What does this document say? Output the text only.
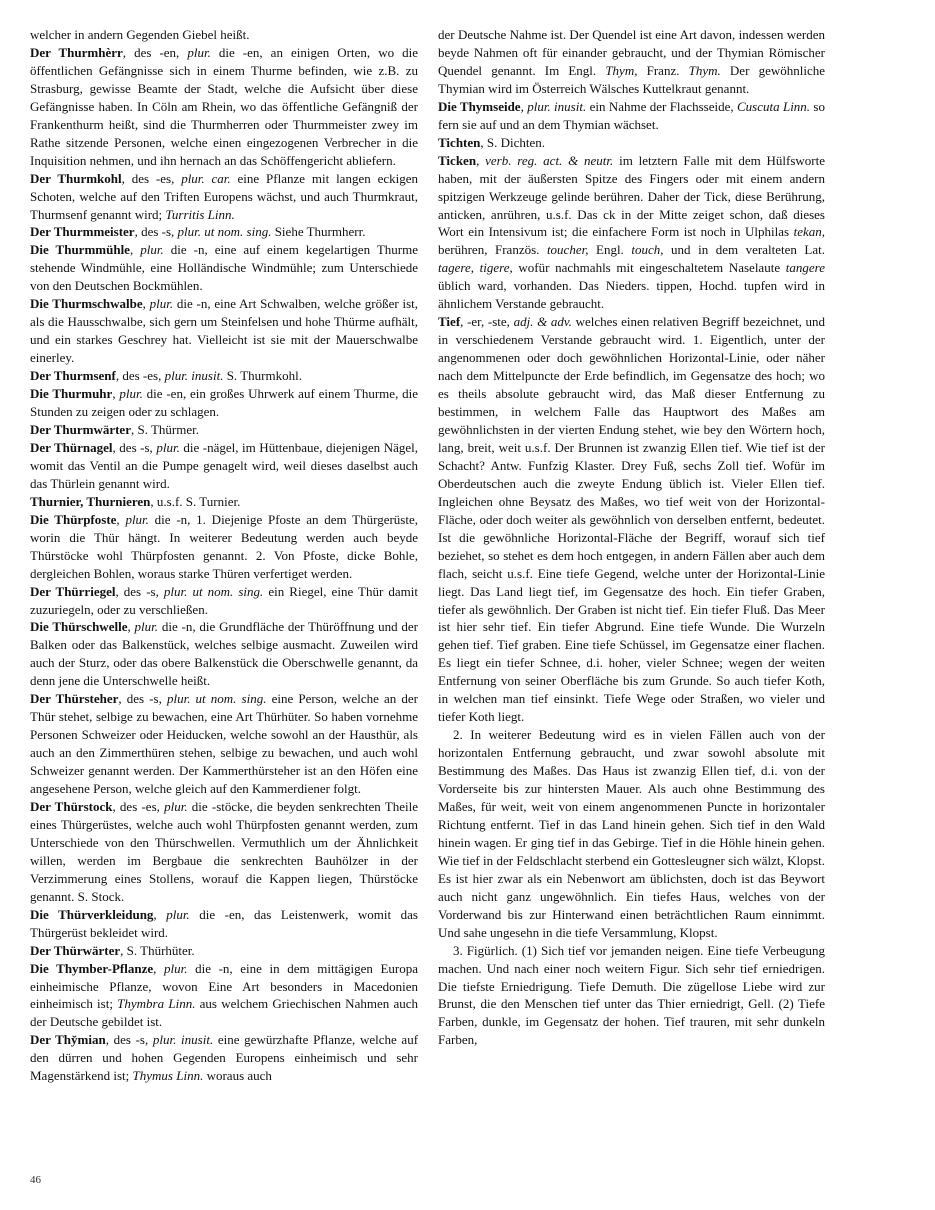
welcher in andern Gegenden Giebel heißt.

Der Thurmhèrr, des -en, plur. die -en, an einigen Orten, wo die öffentlichen Gefängnisse sich in einem Thurme befinden, wie z.B. zu Strasburg, gewisse Beamte der Stadt, welche die Aufsicht über diese Gefängnisse haben. In Cöln am Rhein, wo das öffentliche Gefängniß der Frankenthurm heißt, sind die Thurmherren oder Thurmmeister zwey im Rathe sitzende Personen, welche einen eingezogenen Verbrecher in die Inquisition nehmen, und ihn hernach an das Schöffengericht abliefern.

Der Thurmkohl, des -es, plur. car. eine Pflanze mit langen eckigen Schoten, welche auf den Triften Europens wächst, und auch Thurmkraut, Thurmsenf genannt wird; Turritis Linn.

Der Thurmmeister, des -s, plur. ut nom. sing. Siehe Thurmherr.

Die Thurmmühle, plur. die -n, eine auf einem kegelartigen Thurme stehende Windmühle, eine Holländische Windmühle; zum Unterschiede von den Deutschen Bockmühlen.

Die Thurmschwalbe, plur. die -n, eine Art Schwalben, welche größer ist, als die Hausschwalbe, sich gern um Steinfelsen und hohe Thürme aufhält, und ein starkes Geschrey hat. Vielleicht ist sie mit der Mauerschwalbe einerley.

Der Thurmsenf, des -es, plur. inusit. S. Thurmkohl.

Die Thurmuhr, plur. die -en, ein großes Uhrwerk auf einem Thurme, die Stunden zu zeigen oder zu schlagen.

Der Thurmwärter, S. Thürmer.

Der Thürnagel, des -s, plur. die -nägel, im Hüttenbaue, diejenigen Nägel, womit das Ventil an die Pumpe genagelt wird, weil dieses daselbst auch das Thürlein genannt wird.

Thurnier, Thurnieren, u.s.f. S. Turnier.

Die Thürpfoste, plur. die -n, 1. Diejenige Pfoste an dem Thürgerüste, worin die Thür hängt. In weiterer Bedeutung werden auch beyde Thürstöcke wohl Thürpfosten genannt. 2. Von Pfoste, dicke Bohle, dergleichen Bohlen, woraus starke Thüren verfertiget werden.

Der Thürriegel, des -s, plur. ut nom. sing. ein Riegel, eine Thür damit zuzuriegeln, oder zu verschließen.

Die Thürschwelle, plur. die -n, die Grundfläche der Thüröffnung und der Balken oder das Balkenstück, welches selbige ausmacht. Zuweilen wird auch der Sturz, oder das obere Balkenstück die Oberschwelle genannt, da denn jene die Unterschwelle heißt.

Der Thürsteher, des -s, plur. ut nom. sing. eine Person, welche an der Thür stehet, selbige zu bewachen, eine Art Thürhüter. So haben vornehme Personen Schweizer oder Heiducken, welche sowohl an der Hausthür, als auch an den Zimmerthüren stehen, selbige zu bewachen, und auch wohl Schweizer genannt werden. Der Kammerthürsteher ist an den Höfen eine angesehene Person, welche gleich auf den Kammerdiener folgt.

Der Thürstock, des -es, plur. die -stöcke, die beyden senkrechten Theile eines Thürgerüstes, welche auch wohl Thürpfosten genannt werden, zum Unterschiede von den Thürschwellen. Vermuthlich um der Ähnlichkeit willen, werden im Bergbaue die senkrechten Bauhölzer in der Verzimmerung eines Stollens, worauf die Kappen liegen, Thürstöcke genannt. S. Stock.

Die Thürverkleidung, plur. die -en, das Leistenwerk, womit das Thürgerüst bekleidet wird.

Der Thürwärter, S. Thürhüter.

Die Thymber-Pflanze, plur. die -n, eine in dem mittägigen Europa einheimische Pflanze, wovon Eine Art besonders in Macedonien einheimisch ist; Thymbra Linn. aus welchem Griechischen Nahmen auch der Deutsche gebildet ist.

Der Thy̆mian, des -s, plur. inusit. eine gewürzhafte Pflanze, welche auf den dürren und hohen Gegenden Europens einheimisch und sehr Magenstärkend ist; Thymus Linn. woraus auch

der Deutsche Nahme ist. Der Quendel ist eine Art davon, indessen werden beyde Nahmen oft für einander gebraucht, und der Thymian Römischer Quendel genannt. Im Engl. Thym, Franz. Thym. Der gewöhnliche Thymian wird im Österreich Wälsches Kuttelkraut genannt.

Die Thymseide, plur. inusit. ein Nahme der Flachsseide, Cuscuta Linn. so fern sie auf und an dem Thymian wächset.

Tichten, S. Dichten.

Ticken, verb. reg. act. & neutr. im letztern Falle mit dem Hülfsworte haben, mit der äußersten Spitze des Fingers oder mit einem andern spitzigen Werkzeuge gelinde berühren. Daher der Tick, diese Berührung, anticken, anrühren, u.s.f. Das ck in der Mitte zeiget schon, daß dieses Wort ein Intensivum ist; die einfachere Form ist noch in Ulphilas tekan, berühren, Französ. toucher, Engl. touch, und in dem veralteten Lat. tagere, tigere, wofür nachmahls mit eingeschaltetem Naselaute tangere üblich ward, vorhanden. Das Nieders. tippen, Hochd. tupfen wird in ähnlichem Verstande gebraucht.

Tief, -er, -ste, adj. & adv. welches einen relativen Begriff bezeichnet, und in verschiedenem Verstande gebraucht wird. 1. Eigentlich, unter der angenommenen oder doch gewöhnlichen Horizontal-Linie, oder näher nach dem Mittelpuncte der Erde befindlich, im Gegensatze des hoch; wo es theils absolute gebraucht wird, das Maß dieser Entfernung zu bestimmen, in welchem Falle das Hauptwort des Maßes am gewöhnlichsten in der vierten Endung stehet, wie bey den Wörtern hoch, lang, breit, weit u.s.f. Der Brunnen ist zwanzig Ellen tief. Wie tief ist der Schacht? Antw. Funfzig Klaster. Drey Fuß, sechs Zoll tief. Wofür im Oberdeutschen auch die zweyte Endung üblich ist. Vieler Ellen tief. Ingleichen ohne Beysatz des Maßes, wo tief weit von der Horizontal-Fläche, oder doch weiter als gewöhnlich von derselben entfernt, bedeutet. Ist die gewöhnliche Horizontal-Fläche der Begriff, worauf sich tief beziehet, so stehet es dem hoch entgegen, in andern Fällen aber auch dem flach, seicht u.s.f. Eine tiefe Gegend, welche unter der Horizontal-Linie liegt. Das Land liegt tief, im Gegensatze des hoch. Ein tiefer Graben, tiefer als gewöhnlich. Der Graben ist nicht tief. Ein tiefer Fluß. Das Meer ist hier sehr tief. Ein tiefer Abgrund. Eine tiefe Wunde. Die Wurzeln gehen tief. Tief graben. Eine tiefe Schüssel, im Gegensatze einer flachen. Es liegt ein tiefer Schnee, d.i. hoher, vieler Schnee; wegen der weiten Entfernung von seiner Oberfläche bis zum Grunde. So auch tiefer Koth, in welchen man tief einsinkt. Tiefe Wege oder Straßen, wo vieler und tiefer Koth liegt.

2. In weiterer Bedeutung wird es in vielen Fällen auch von der horizontalen Entfernung gebraucht, und zwar sowohl absolute mit Bestimmung des Maßes. Das Haus ist zwanzig Ellen tief, d.i. von der Vorderseite bis zur hintersten Mauer. Als auch ohne Bestimmung des Maßes, für weit, weit von einem angenommenen Puncte in horizontaler Richtung entfernt. Tief in das Land hinein gehen. Sich tief in den Wald hinein wagen. Er ging tief in das Gebirge. Tief in die Höhle hinein gehen. Wie tief in der Feldschlacht sterbend ein Gotteslеugner sich wälzt, Klopst. Es ist hier zwar als ein Nebenwort am üblichsten, doch ist das Beywort auch nicht ganz ungewöhnlich. Ein tiefes Haus, welches von der Vorderwand bis zur Hinterwand einen beträchtlichen Raum einnimmt. Und sahe ungesehn in die tiefe Versammlung, Klopst.

3. Figürlich. (1) Sich tief vor jemanden neigen. Eine tiefe Verbeugung machen. Und nach einer noch weitern Figur. Sich sehr tief erniedrigen. Die tiefste Erniedrigung. Tiefe Demuth. Die zügellose Liebe wird zur Brunst, die den Menschen tief unter das Thier erniedrigt, Gell. (2) Tiefe Farben, dunkle, im Gegensatz der hohen. Tief trauren, mit sehr dunkeln Farben,

46
